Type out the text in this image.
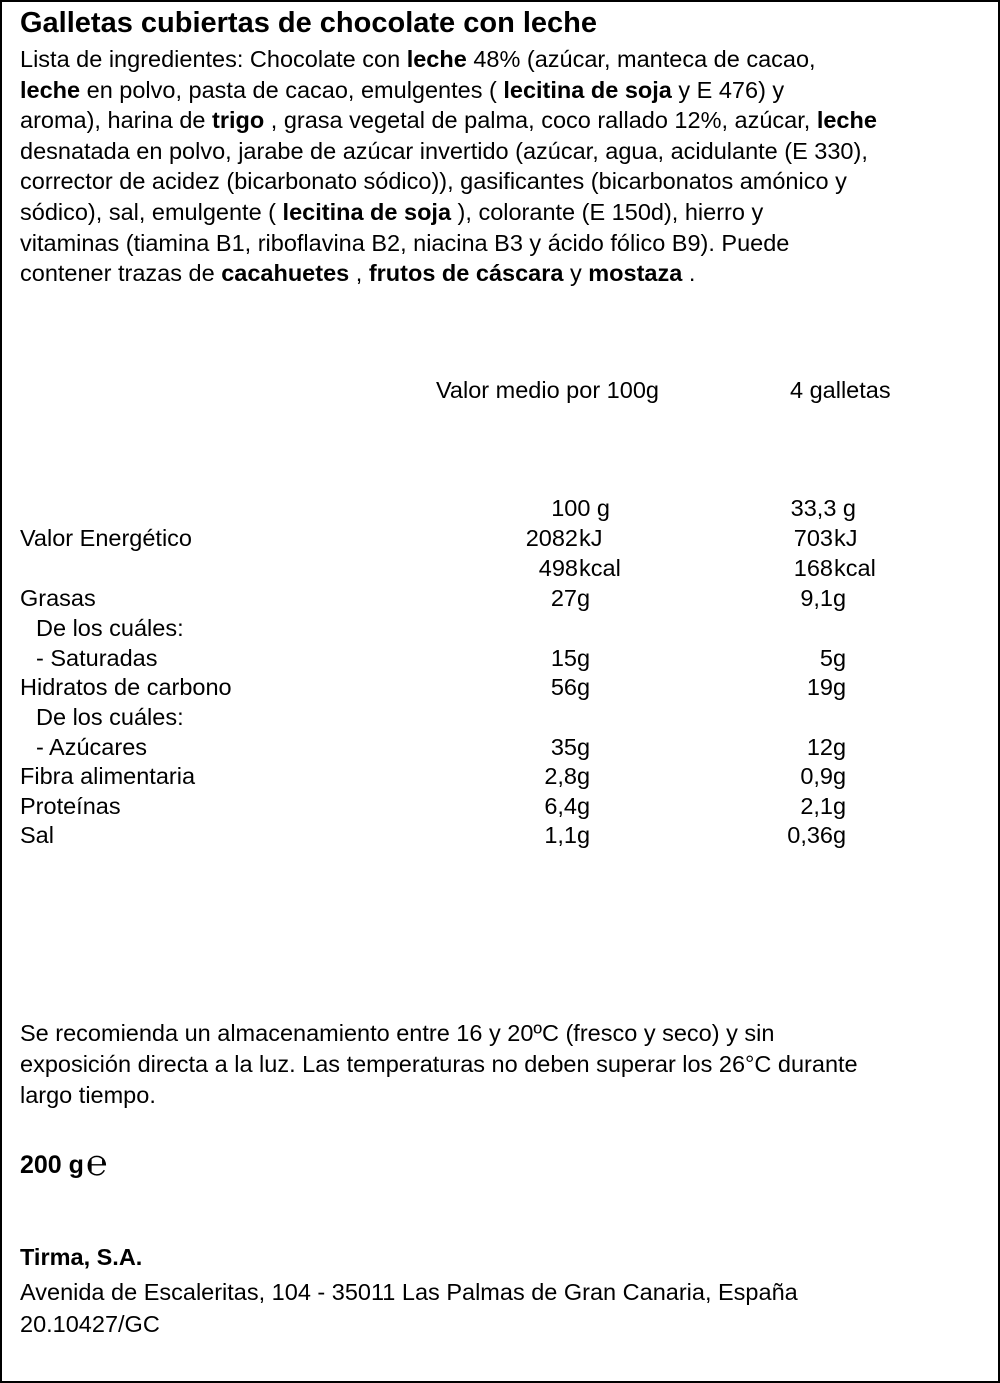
Galletas cubiertas de chocolate con leche
Lista de ingredientes: Chocolate con leche 48% (azúcar, manteca de cacao,
leche en polvo, pasta de cacao, emulgentes ( lecitina de soja y E 476) y
aroma), harina de trigo , grasa vegetal de palma, coco rallado 12%, azúcar, leche
desnatada en polvo, jarabe de azúcar invertido (azúcar, agua, acidulante (E 330),
corrector de acidez (bicarbonato sódico)), gasificantes (bicarbonatos amónico y
sódico), sal, emulgente ( lecitina de soja ), colorante (E 150d), hierro y
vitaminas (tiamina B1, riboflavina B2, niacina B3 y ácido fólico B9). Puede
contener trazas de cacahuetes , frutos de cáscara y mostaza .
Valor medio por 100g	4 galletas
100 g	33,3 g
Valor Energético	2082 kJ	703 kJ
498 kcal	168 kcal
Grasas	27 g	9,1 g
De los cuáles:
- Saturadas	15 g	5 g
Hidratos de carbono	56 g	19 g
De los cuáles:
- Azúcares	35 g	12 g
Fibra alimentaria	2,8 g	0,9 g
Proteínas	6,4 g	2,1 g
Sal	1,1 g	0,36 g
Se recomienda un almacenamiento entre 16 y 20ºC (fresco y seco) y sin
exposición directa a la luz. Las temperaturas no deben superar los 26°C durante
largo tiempo.
200 g℮
Tirma, S.A.
Avenida de Escaleritas, 104 - 35011 Las Palmas de Gran Canaria, España
20.10427/GC
